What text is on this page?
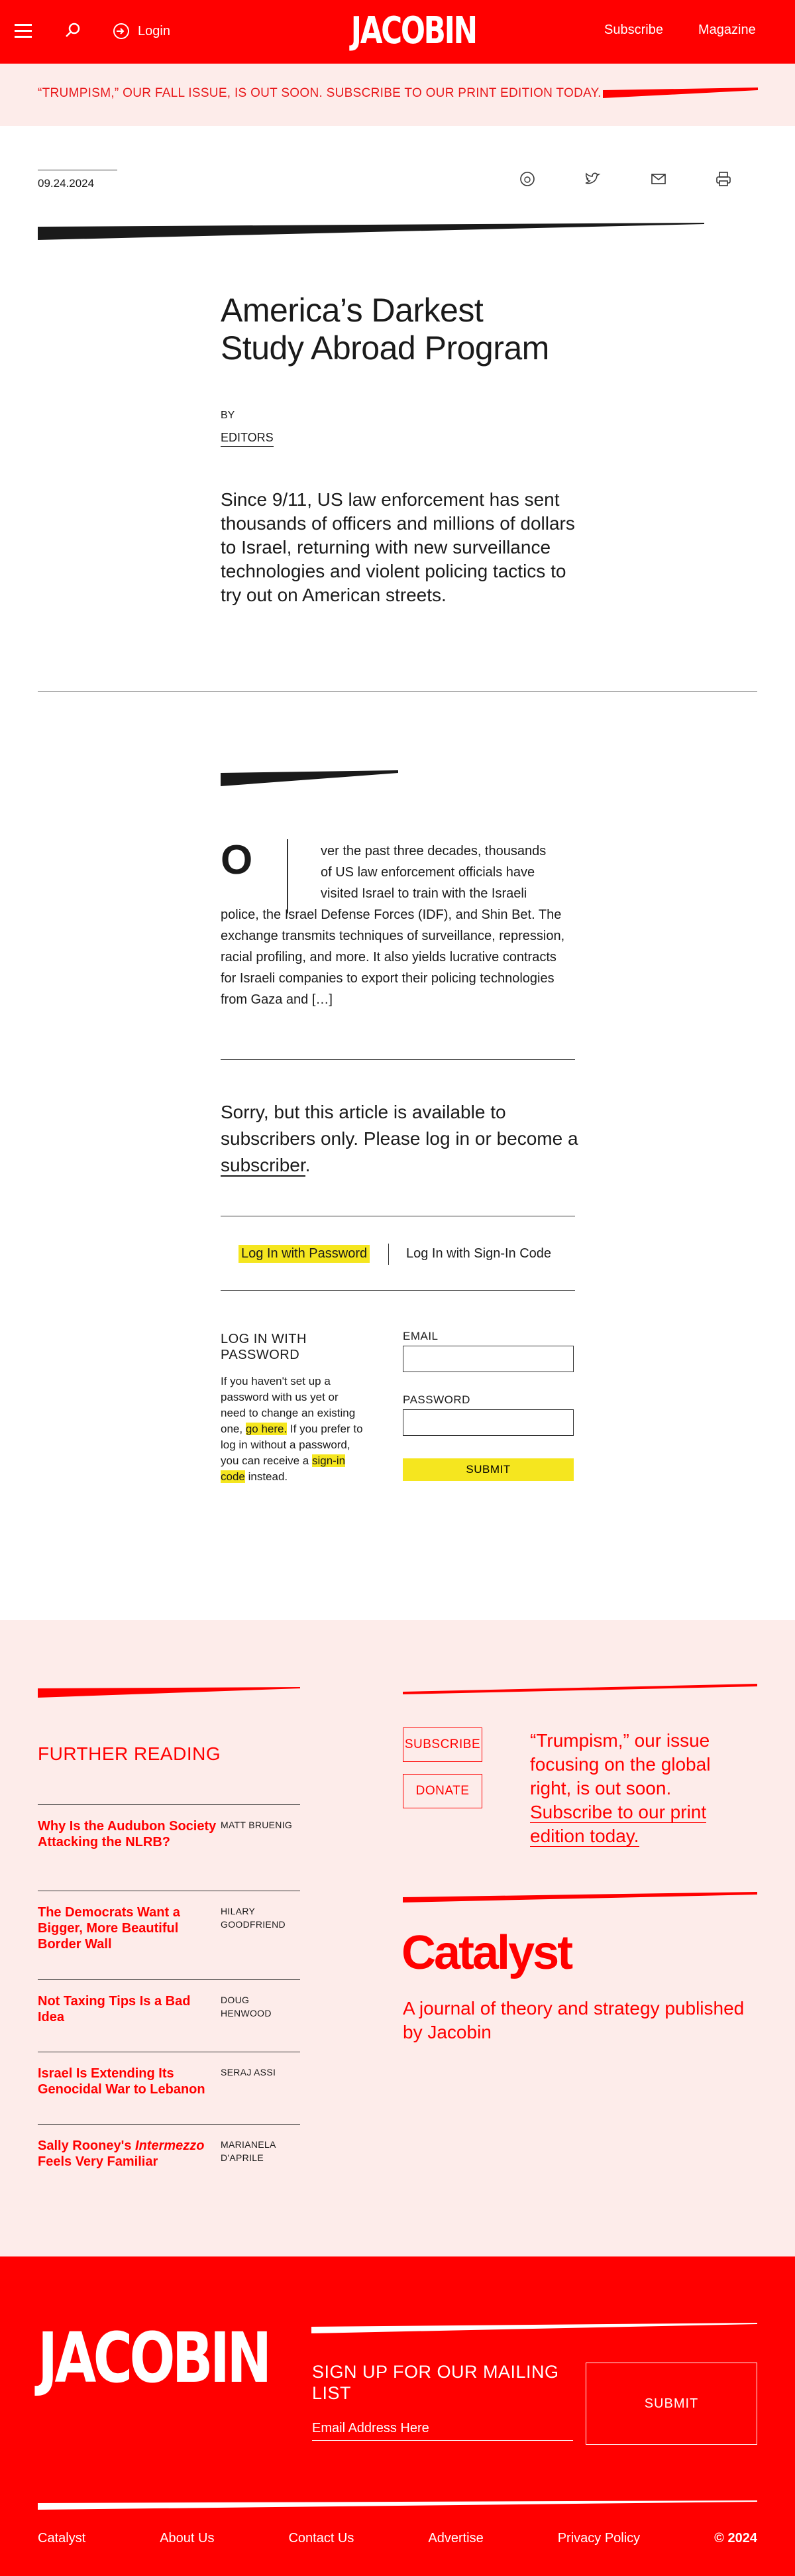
Login	JACOBIN	Subscribe	Magazine
“TRUMPISM,” OUR FALL ISSUE, IS OUT SOON. SUBSCRIBE TO OUR PRINT EDITION TODAY.
09.24.2024
America’s Darkest
Study Abroad Program
BY
EDITORS
Since 9/11, US law enforcement has sent thousands of officers and millions of dollars to Israel, returning with new surveillance technologies and violent policing tactics to try out on American streets.
O	ver the past three decades, thousands
of US law enforcement officials have
visited Israel to train with the Israeli
police, the Israel Defense Forces (IDF), and Shin Bet. The exchange transmits techniques of surveillance, repression, racial profiling, and more. It also yields lucrative contracts for Israeli companies to export their policing technologies from Gaza and […]
Sorry, but this article is available to subscribers only. Please log in or become a subscriber.
Log In with Password	Log In with Sign-In Code
LOG IN WITH PASSWORD
If you haven't set up a password with us yet or need to change an existing one, go here. If you prefer to log in without a password, you can receive a sign-in code instead.
EMAIL
PASSWORD
SUBMIT
FURTHER READING
Why Is the Audubon Society Attacking the NLRB?
MATT BRUENIG
The Democrats Want a Bigger, More Beautiful Border Wall
HILARY GOODFRIEND
Not Taxing Tips Is a Bad Idea
DOUG HENWOOD
Israel Is Extending Its Genocidal War to Lebanon
SERAJ ASSI
Sally Rooney's Intermezzo Feels Very Familiar
MARIANELA D'APRILE
SUBSCRIBE
DONATE
“Trumpism,” our issue focusing on the global right, is out soon. Subscribe to our print edition today.
Catalyst
A journal of theory and strategy published by Jacobin
JACOBIN SIGN UP FOR OUR MAILING LIST
Email Address Here
SUBMIT
Catalyst	About Us	Contact Us	Advertise	Privacy Policy	© 2024
